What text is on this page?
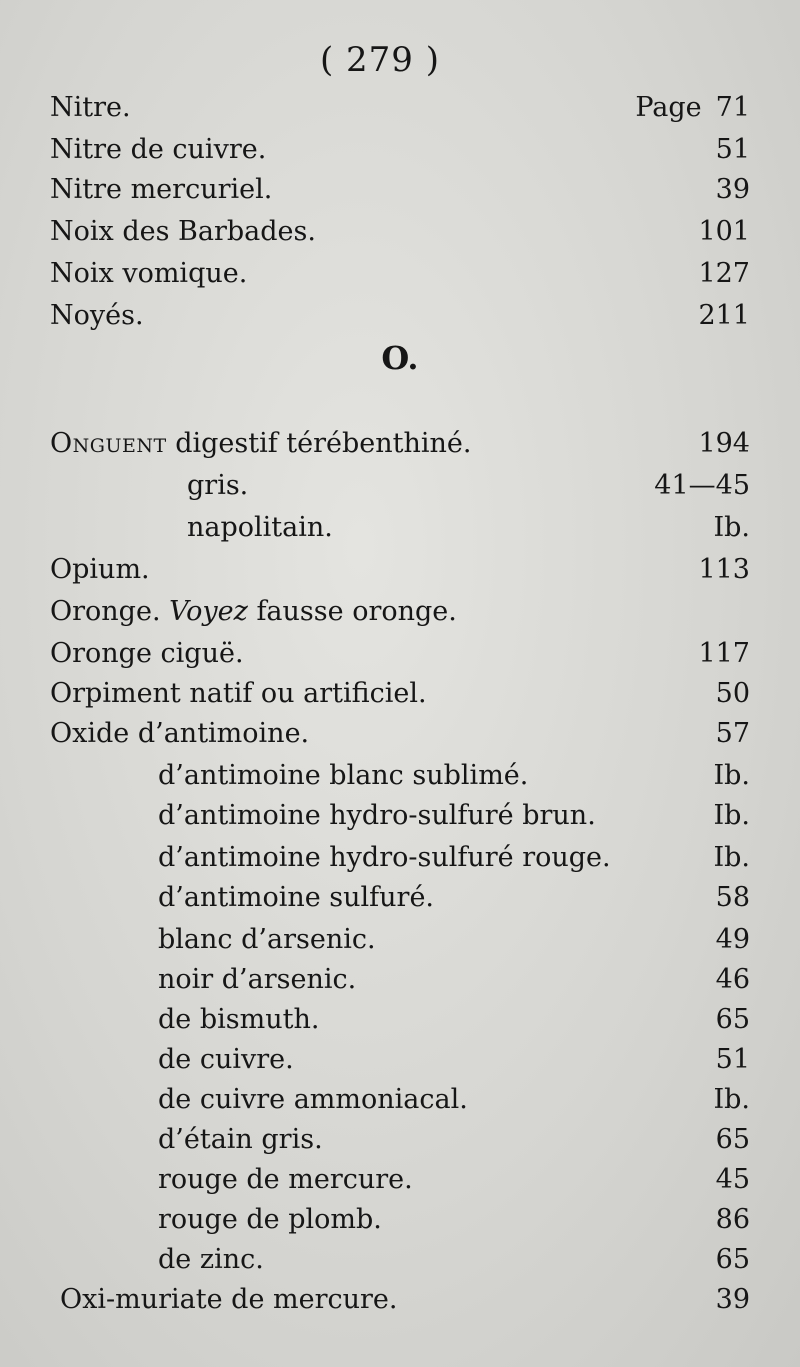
( 279 )
Nitre.	Page 71
Nitre de cuivre.	51
Nitre mercuriel.	39
Noix des Barbades.	101
Noix vomique.	127
Noyés.	211
O.
Onguent digestif térébenthiné.	194
gris.	41—45
napolitain.	Ib.
Opium.	113
Oronge. Voyez fausse oronge.
Oronge ciguë.	117
Orpiment natif ou artificiel.	50
Oxide d’antimoine.	57
d’antimoine blanc sublimé.	Ib.
d’antimoine hydro-sulfuré brun.	Ib.
d’antimoine hydro-sulfuré rouge.	Ib.
d’antimoine sulfuré.	58
blanc d’arsenic.	49
noir d’arsenic.	46
de bismuth.	65
de cuivre.	51
de cuivre ammoniacal.	Ib.
d’étain gris.	65
rouge de mercure.	45
rouge de plomb.	86
de zinc.	65
Oxi-muriate de mercure.	39
